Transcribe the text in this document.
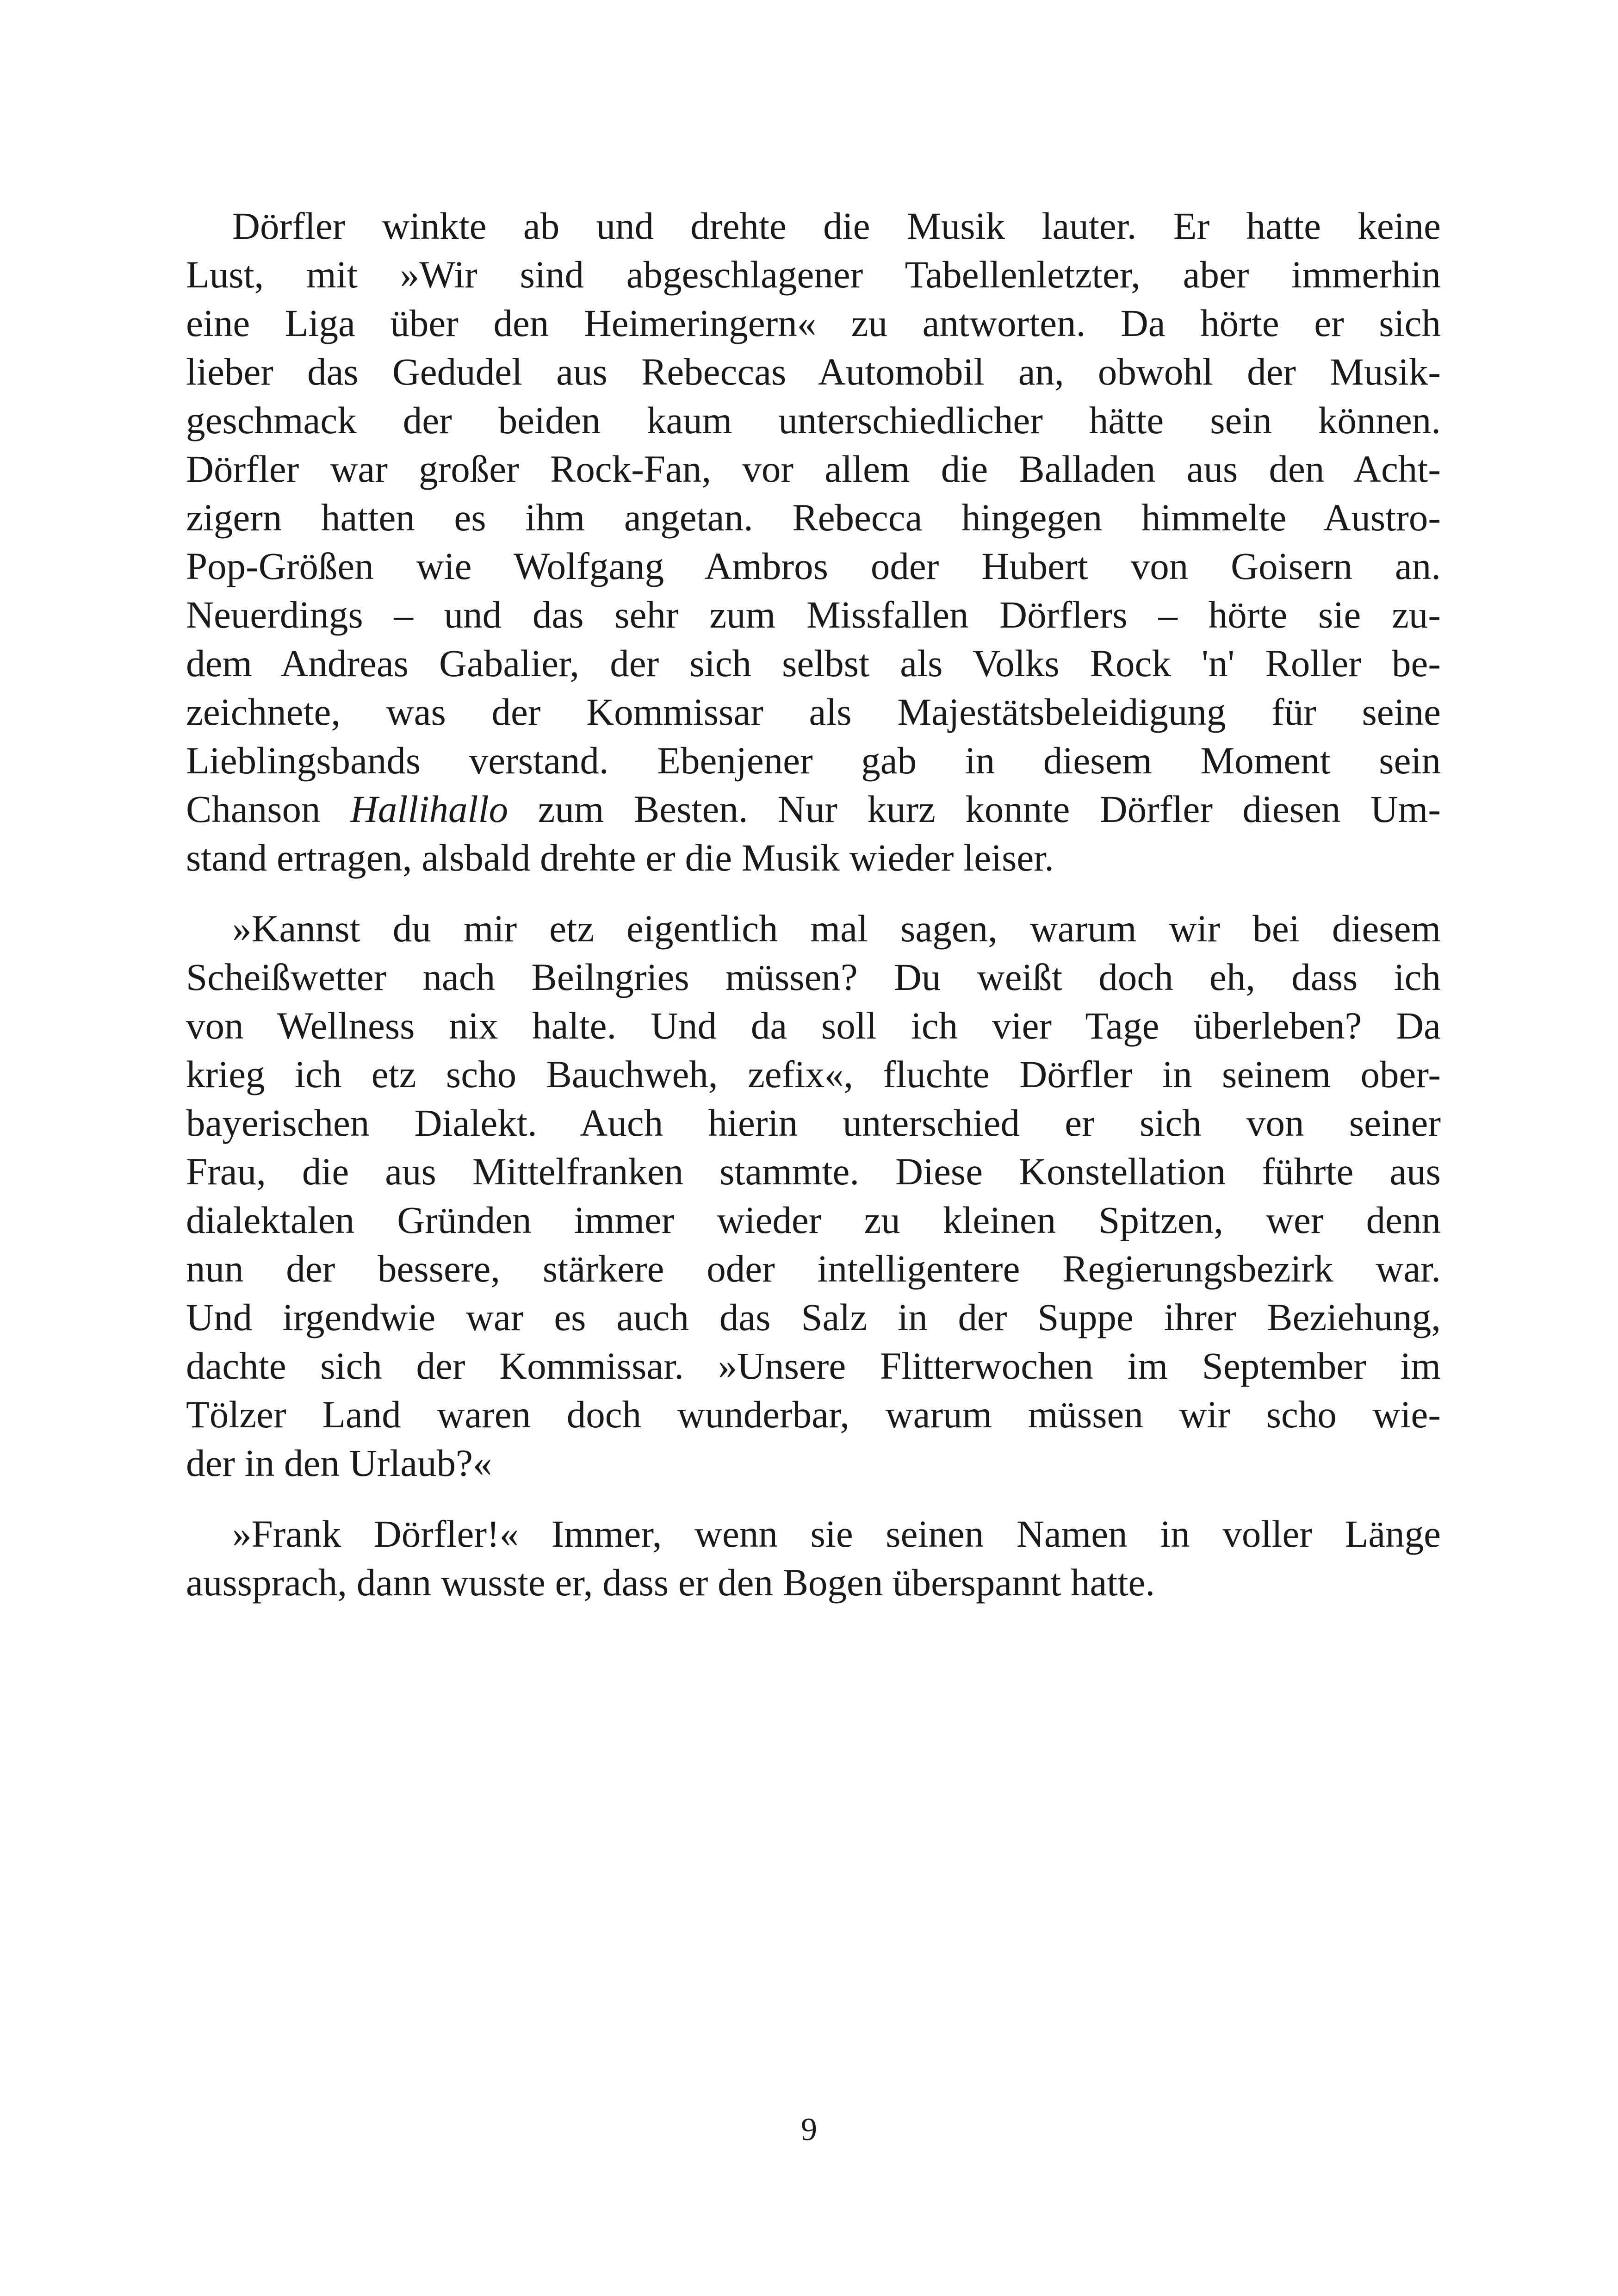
Dörfler winkte ab und drehte die Musik lauter. Er hatte keine
Lust, mit »Wir sind abgeschlagener Tabellenletzter, aber immerhin
eine Liga über den Heimeringern« zu antworten. Da hörte er sich
lieber das Gedudel aus Rebeccas Automobil an, obwohl der Musik-
geschmack der beiden kaum unterschiedlicher hätte sein können.
Dörfler war großer Rock-Fan, vor allem die Balladen aus den Acht-
zigern hatten es ihm angetan. Rebecca hingegen himmelte Austro-
Pop-Größen wie Wolfgang Ambros oder Hubert von Goisern an.
Neuerdings – und das sehr zum Missfallen Dörflers – hörte sie zu-
dem Andreas Gabalier, der sich selbst als Volks Rock 'n' Roller be-
zeichnete, was der Kommissar als Majestätsbeleidigung für seine
Lieblingsbands verstand. Ebenjener gab in diesem Moment sein
Chanson Hallihallo zum Besten. Nur kurz konnte Dörfler diesen Um-
stand ertragen, alsbald drehte er die Musik wieder leiser.
»Kannst du mir etz eigentlich mal sagen, warum wir bei diesem
Scheißwetter nach Beilngries müssen? Du weißt doch eh, dass ich
von Wellness nix halte. Und da soll ich vier Tage überleben? Da
krieg ich etz scho Bauchweh, zefix«, fluchte Dörfler in seinem ober-
bayerischen Dialekt. Auch hierin unterschied er sich von seiner
Frau, die aus Mittelfranken stammte. Diese Konstellation führte aus
dialektalen Gründen immer wieder zu kleinen Spitzen, wer denn
nun der bessere, stärkere oder intelligentere Regierungsbezirk war.
Und irgendwie war es auch das Salz in der Suppe ihrer Beziehung,
dachte sich der Kommissar. »Unsere Flitterwochen im September im
Tölzer Land waren doch wunderbar, warum müssen wir scho wie-
der in den Urlaub?«
»Frank Dörfler!« Immer, wenn sie seinen Namen in voller Länge
aussprach, dann wusste er, dass er den Bogen überspannt hatte.
9
